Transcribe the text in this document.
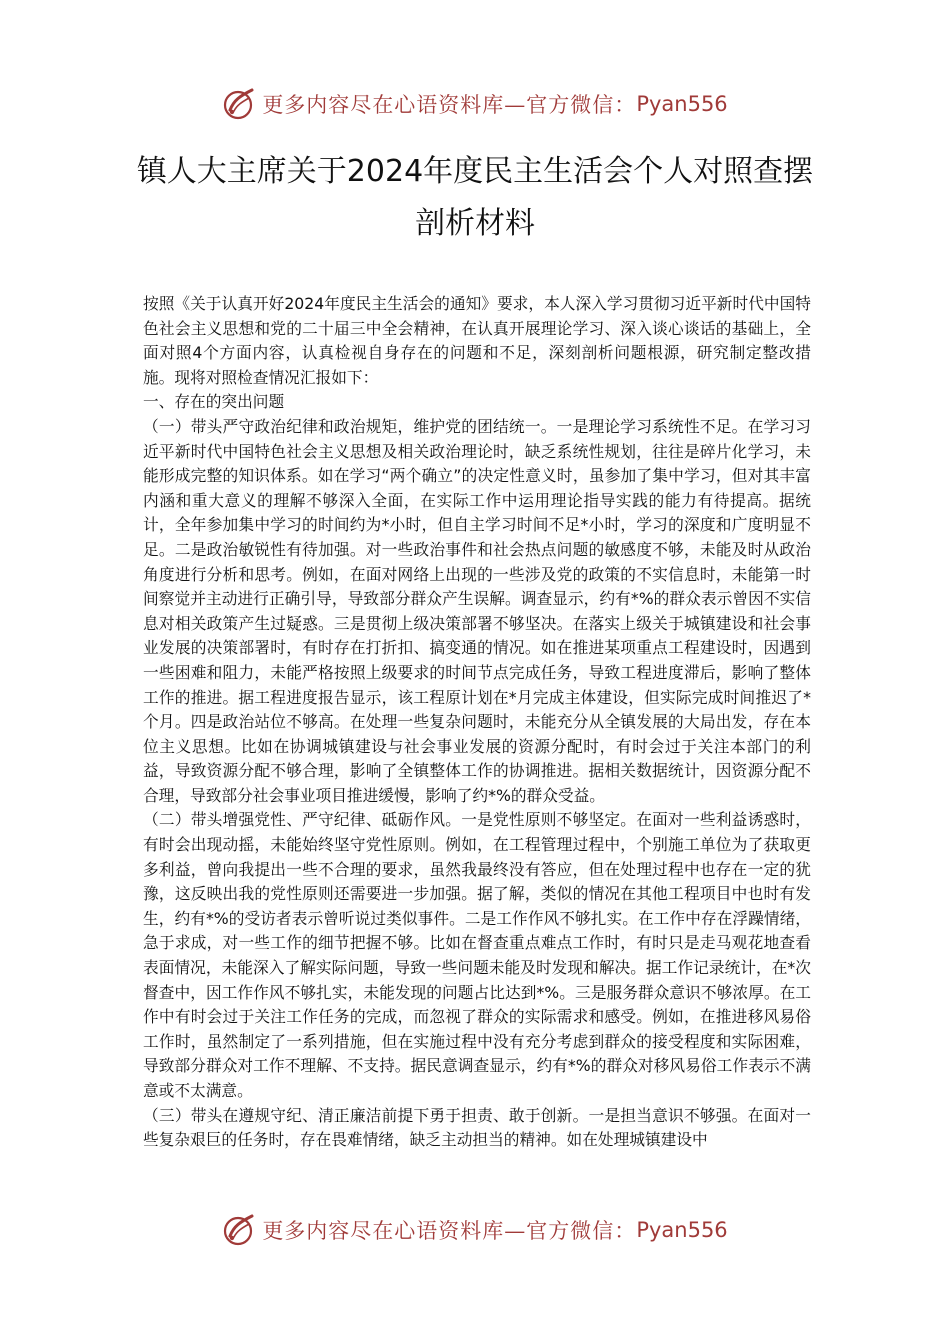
更多内容尽在心语资料库—官方微信： Pyan556
镇人大主席关于2024年度民主生活会个人对照查摆
剖析材料

按照《关于认真开好2024年度民主生活会的通知》要求，本人深入学习贯彻习近平新时代中国特色社会主义思想和党的二十届三中全会精神，在认真开展理论学习、深入谈心谈话的基础上，全面对照4个方面内容，认真检视自身存在的问题和不足，深刻剖析问题根源，研究制定整改措施。现将对照检查情况汇报如下：

一、存在的突出问题

（一）带头严守政治纪律和政治规矩，维护党的团结统一。一是理论学习系统性不足。在学习习近平新时代中国特色社会主义思想及相关政治理论时，缺乏系统性规划，往往是碎片化学习，未能形成完整的知识体系。如在学习“两个确立”的决定性意义时，虽参加了集中学习，但对其丰富内涵和重大意义的理解不够深入全面，在实际工作中运用理论指导实践的能力有待提高。据统计，全年参加集中学习的时间约为*小时，但自主学习时间不足*小时，学习的深度和广度明显不足。二是政治敏锐性有待加强。对一些政治事件和社会热点问题的敏感度不够，未能及时从政治角度进行分析和思考。例如，在面对网络上出现的一些涉及党的政策的不实信息时，未能第一时间察觉并主动进行正确引导，导致部分群众产生误解。调查显示，约有*%的群众表示曾因不实信息对相关政策产生过疑惑。三是贯彻上级决策部署不够坚决。在落实上级关于城镇建设和社会事业发展的决策部署时，有时存在打折扣、搞变通的情况。如在推进某项重点工程建设时，因遇到一些困难和阻力，未能严格按照上级要求的时间节点完成任务，导致工程进度滞后，影响了整体工作的推进。据工程进度报告显示，该工程原计划在*月完成主体建设，但实际完成时间推迟了*个月。四是政治站位不够高。在处理一些复杂问题时，未能充分从全镇发展的大局出发，存在本位主义思想。比如在协调城镇建设与社会事业发展的资源分配时，有时会过于关注本部门的利益，导致资源分配不够合理，影响了全镇整体工作的协调推进。据相关数据统计，因资源分配不合理，导致部分社会事业项目推进缓慢，影响了约*%的群众受益。

（二）带头增强党性、严守纪律、砥砺作风。一是党性原则不够坚定。在面对一些利益诱惑时，有时会出现动摇，未能始终坚守党性原则。例如，在工程管理过程中，个别施工单位为了获取更多利益，曾向我提出一些不合理的要求，虽然我最终没有答应，但在处理过程中也存在一定的犹豫，这反映出我的党性原则还需要进一步加强。据了解，类似的情况在其他工程项目中也时有发生，约有*%的受访者表示曾听说过类似事件。二是工作作风不够扎实。在工作中存在浮躁情绪，急于求成，对一些工作的细节把握不够。比如在督查重点难点工作时，有时只是走马观花地查看表面情况，未能深入了解实际问题，导致一些问题未能及时发现和解决。据工作记录统计，在*次督查中，因工作作风不够扎实，未能发现的问题占比达到*%。三是服务群众意识不够浓厚。在工作中有时会过于关注工作任务的完成，而忽视了群众的实际需求和感受。例如，在推进移风易俗工作时，虽然制定了一系列措施，但在实施过程中没有充分考虑到群众的接受程度和实际困难，导致部分群众对工作不理解、不支持。据民意调查显示，约有*%的群众对移风易俗工作表示不满意或不太满意。

（三）带头在遵规守纪、清正廉洁前提下勇于担责、敢于创新。一是担当意识不够强。在面对一些复杂艰巨的任务时，存在畏难情绪，缺乏主动担当的精神。如在处理城镇建设中

更多内容尽在心语资料库—官方微信： Pyan556
